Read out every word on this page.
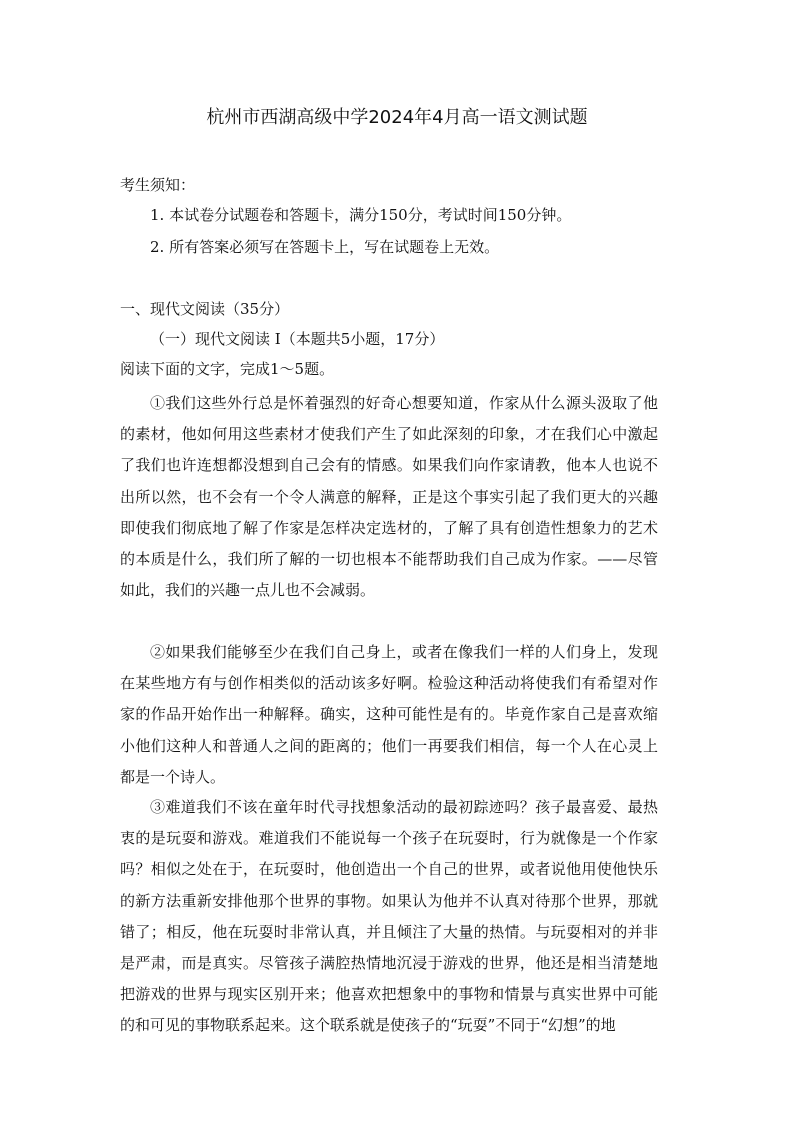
杭州市西湖高级中学2024年4月高一语文测试题
考生须知：
1. 本试卷分试题卷和答题卡，满分150分，考试时间150分钟。
2. 所有答案必须写在答题卡上，写在试题卷上无效。
一、现代文阅读（35分）
（一）现代文阅读 I（本题共5小题，17分）
阅读下面的文字，完成1～5题。

①我们这些外行总是怀着强烈的好奇心想要知道，作家从什么源头汲取了他的素材，他如何用这些素材才使我们产生了如此深刻的印象，才在我们心中激起了我们也许连想都没想到自己会有的情感。如果我们向作家请教，他本人也说不出所以然，也不会有一个令人满意的解释，正是这个事实引起了我们更大的兴趣即使我们彻底地了解了作家是怎样决定选材的，了解了具有创造性想象力的艺术的本质是什么，我们所了解的一切也根本不能帮助我们自己成为作家。——尽管如此，我们的兴趣一点儿也不会减弱。

②如果我们能够至少在我们自己身上，或者在像我们一样的人们身上，发现在某些地方有与创作相类似的活动该多好啊。检验这种活动将使我们有希望对作家的作品开始作出一种解释。确实，这种可能性是有的。毕竟作家自己是喜欢缩小他们这种人和普通人之间的距离的；他们一再要我们相信，每一个人在心灵上都是一个诗人。

③难道我们不该在童年时代寻找想象活动的最初踪迹吗？孩子最喜爱、最热衷的是玩耍和游戏。难道我们不能说每一个孩子在玩耍时，行为就像是一个作家吗？相似之处在于，在玩耍时，他创造出一个自己的世界，或者说他用使他快乐的新方法重新安排他那个世界的事物。如果认为他并不认真对待那个世界，那就错了；相反，他在玩耍时非常认真，并且倾注了大量的热情。与玩耍相对的并非是严肃，而是真实。尽管孩子满腔热情地沉浸于游戏的世界，他还是相当清楚地把游戏的世界与现实区别开来；他喜欢把想象中的事物和情景与真实世界中可能的和可见的事物联系起来。这个联系就是使孩子的“玩耍”不同于“幻想”的地
